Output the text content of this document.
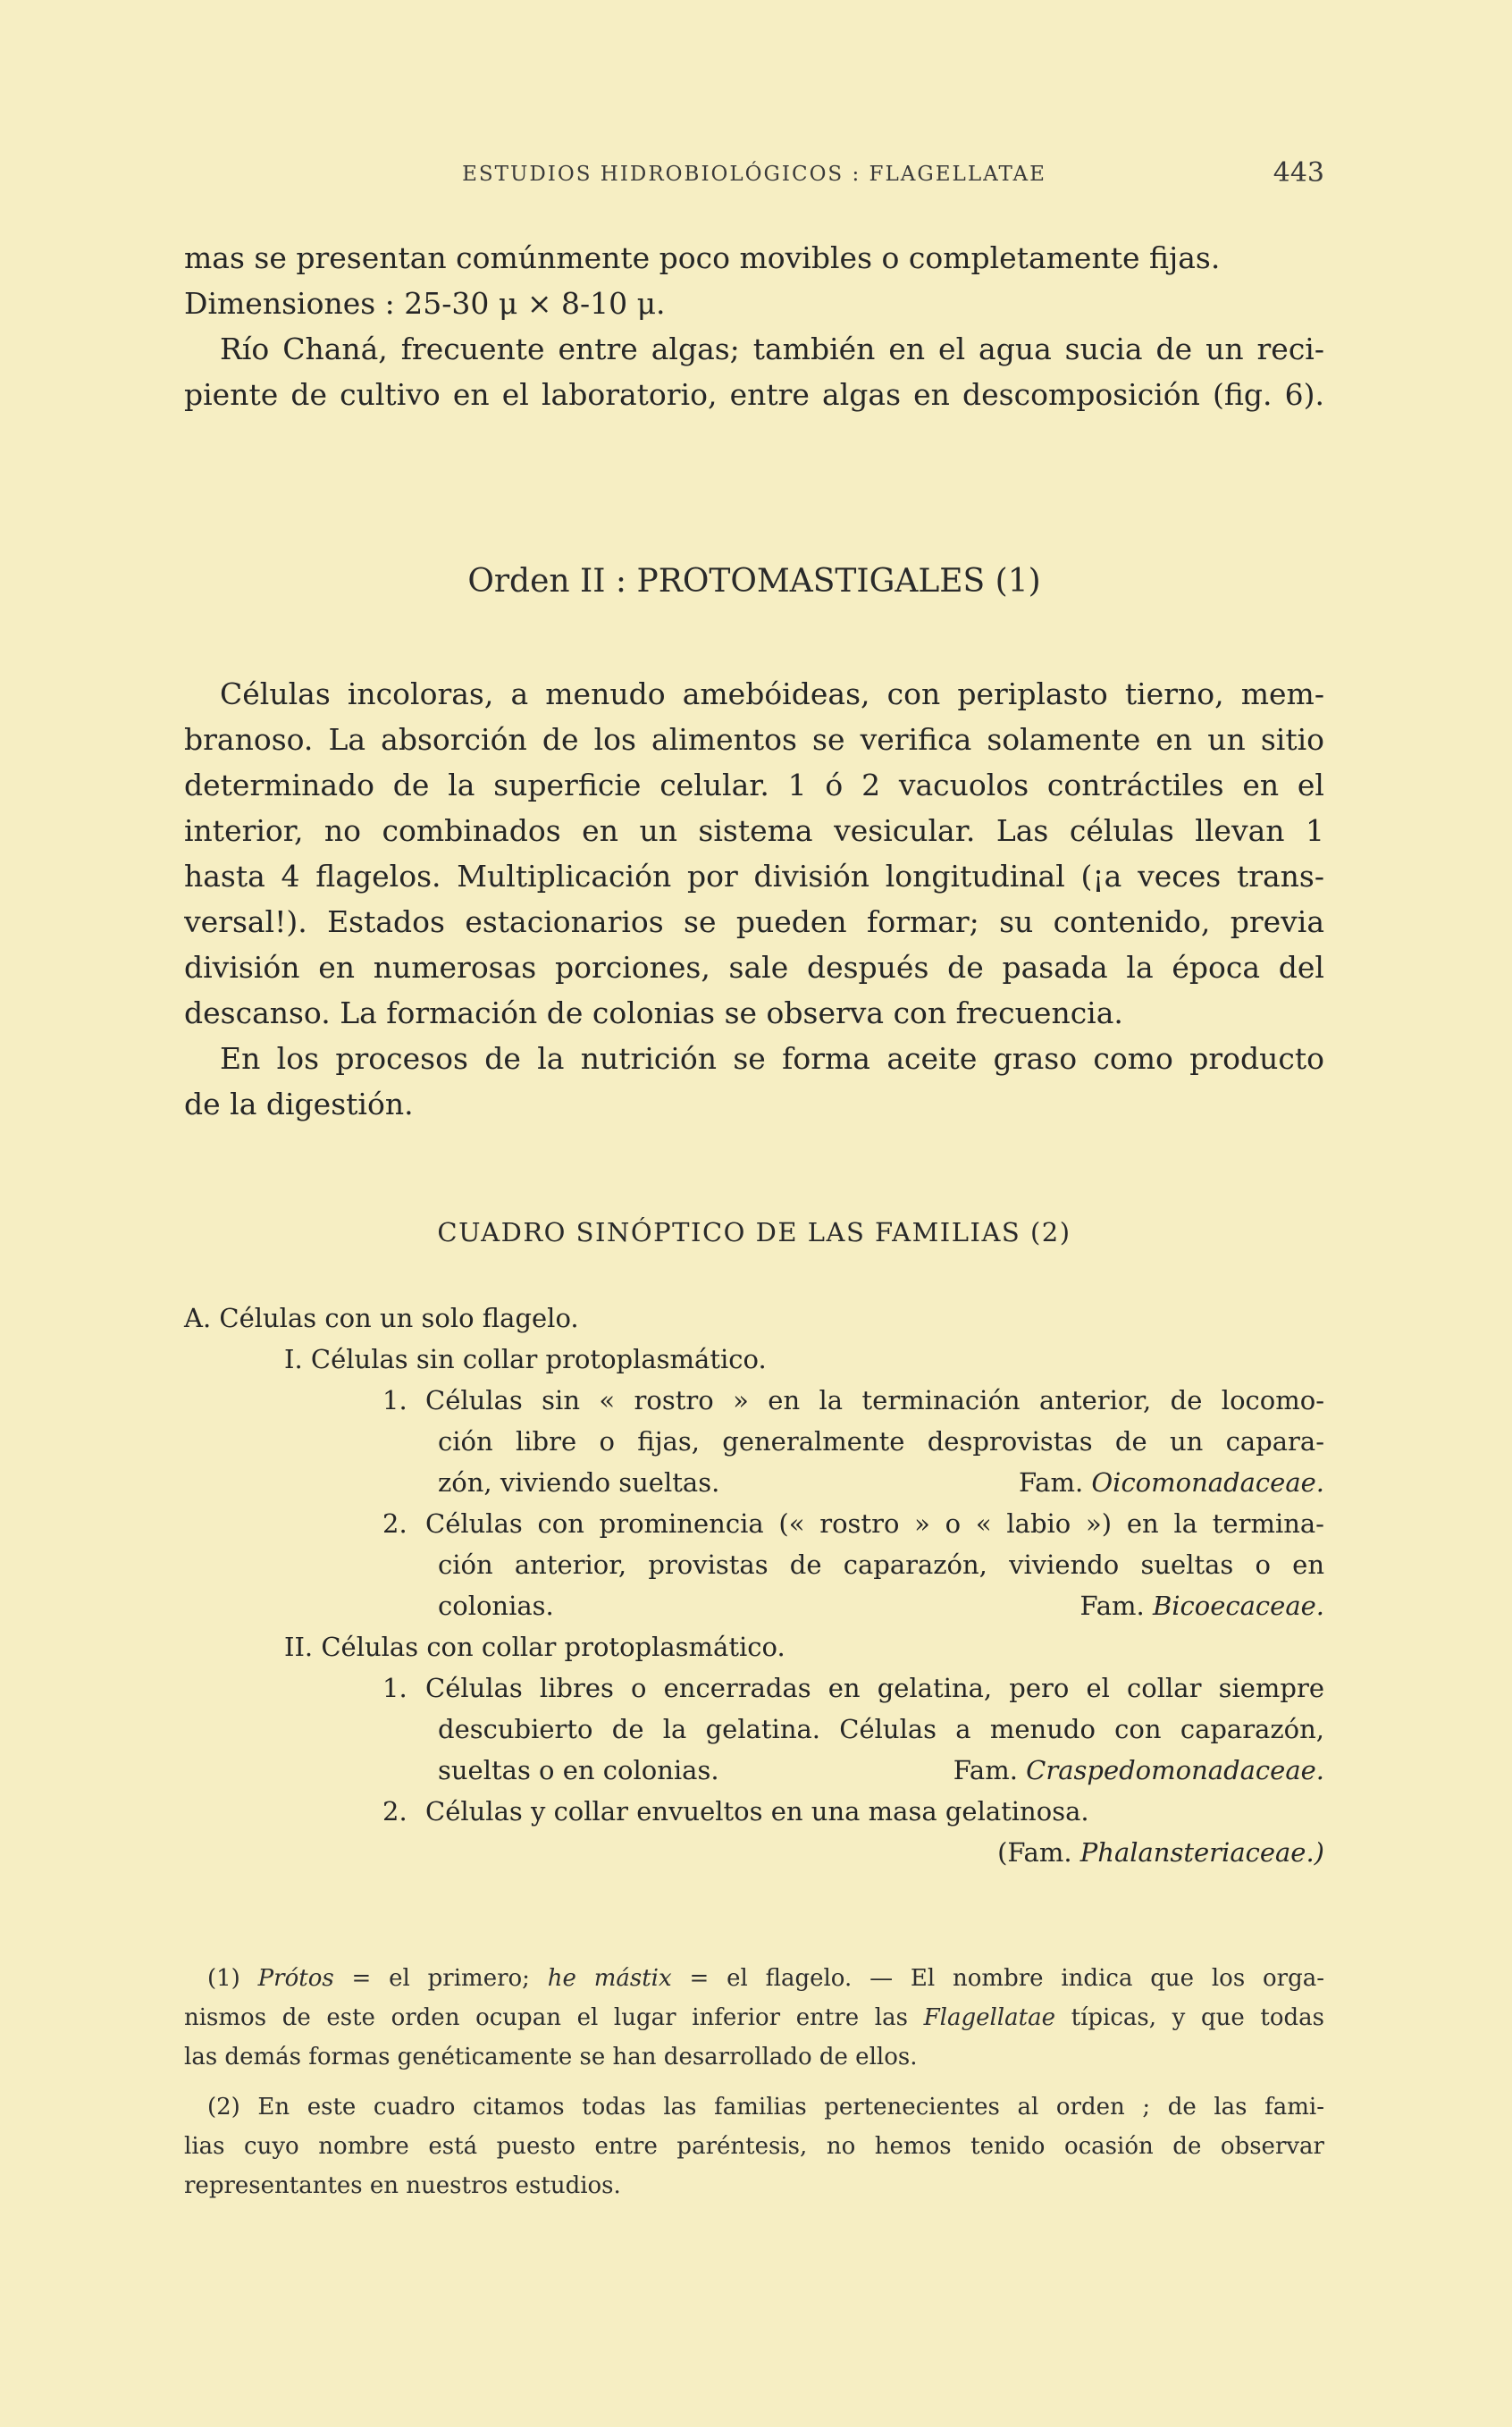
ESTUDIOS HIDROBIOLÓGICOS : FLAGELLATAE	443
mas se presentan comúnmente poco movibles o completamente fijas.
Dimensiones : 25-30 μ × 8-10 μ.
Río Chaná, frecuente entre algas; también en el agua sucia de un reci-
piente de cultivo en el laboratorio, entre algas en descomposición (fig. 6).
Orden II : PROTOMASTIGALES (1)
Células incoloras, a menudo amebóideas, con periplasto tierno, mem-
branoso. La absorción de los alimentos se verifica solamente en un sitio
determinado de la superficie celular. 1 ó 2 vacuolos contráctiles en el
interior, no combinados en un sistema vesicular. Las células llevan 1
hasta 4 flagelos. Multiplicación por división longitudinal (¡a veces trans-
versal!). Estados estacionarios se pueden formar; su contenido, previa
división en numerosas porciones, sale después de pasada la época del
descanso. La formación de colonias se observa con frecuencia.
En los procesos de la nutrición se forma aceite graso como producto
de la digestión.
CUADRO SINÓPTICO DE LAS FAMILIAS (2)
A. Células con un solo flagelo.
I. Células sin collar protoplasmático.
1. Células sin « rostro » en la terminación anterior, de locomo-
ción libre o fijas, generalmente desprovistas de un capara-
zón, viviendo sueltas.	Fam. Oicomonadaceae.
2. Células con prominencia (« rostro » o « labio ») en la termina-
ción anterior, provistas de caparazón, viviendo sueltas o en
colonias.	Fam. Bicoecaceae.
II. Células con collar protoplasmático.
1. Células libres o encerradas en gelatina, pero el collar siempre
descubierto de la gelatina. Células a menudo con caparazón,
sueltas o en colonias.	Fam. Craspedomonadaceae.
2. Células y collar envueltos en una masa gelatinosa.
(Fam. Phalansteriaceae.)
(1) Prótos = el primero; he mástix = el flagelo. — El nombre indica que los orga-
nismos de este orden ocupan el lugar inferior entre las Flagellatae típicas, y que todas
las demás formas genéticamente se han desarrollado de ellos.
(2) En este cuadro citamos todas las familias pertenecientes al orden ; de las fami-
lias cuyo nombre está puesto entre paréntesis, no hemos tenido ocasión de observar
representantes en nuestros estudios.
